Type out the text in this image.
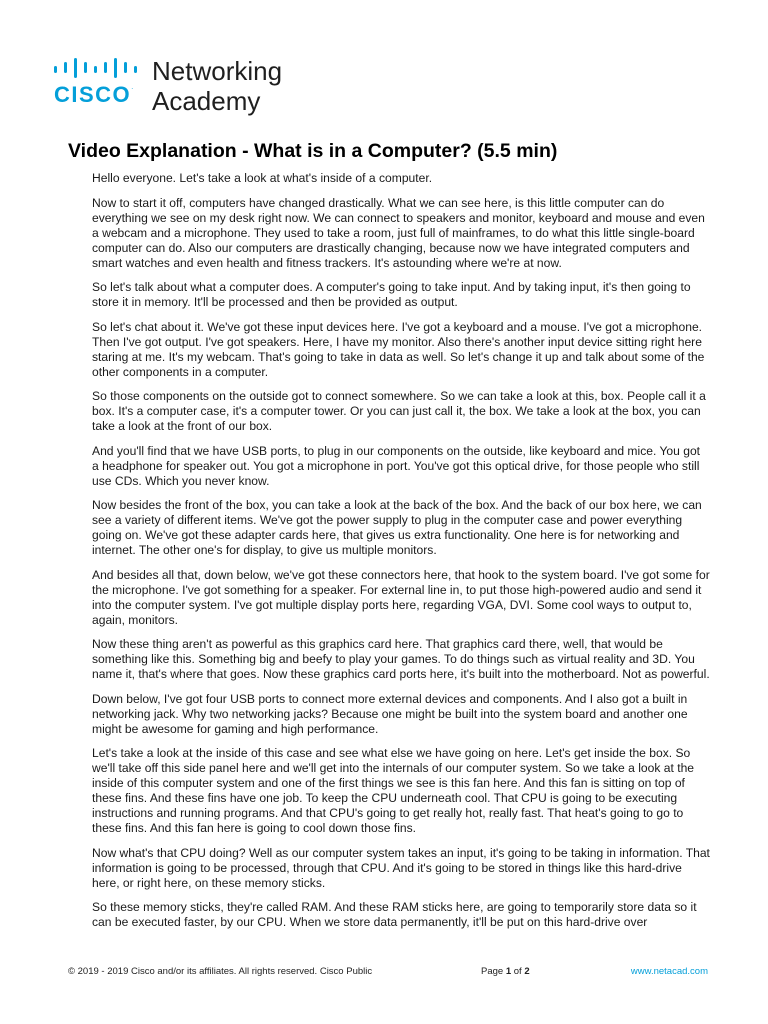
CISCO.
Networking
Academy
Video Explanation - What is in a Computer? (5.5 min)

Hello everyone. Let's take a look at what's inside of a computer.

Now to start it off, computers have changed drastically. What we can see here, is this little computer can do everything we see on my desk right now. We can connect to speakers and monitor, keyboard and mouse and even a webcam and a microphone. They used to take a room, just full of mainframes, to do what this little single-board computer can do. Also our computers are drastically changing, because now we have integrated computers and smart watches and even health and fitness trackers. It's astounding where we're at now.

So let's talk about what a computer does. A computer's going to take input. And by taking input, it's then going to store it in memory. It'll be processed and then be provided as output.

So let's chat about it. We've got these input devices here. I've got a keyboard and a mouse. I've got a microphone. Then I've got output. I've got speakers. Here, I have my monitor. Also there's another input device sitting right here staring at me. It's my webcam. That's going to take in data as well. So let's change it up and talk about some of the other components in a computer.

So those components on the outside got to connect somewhere. So we can take a look at this, box. People call it a box. It's a computer case, it's a computer tower. Or you can just call it, the box. We take a look at the box, you can take a look at the front of our box.

And you'll find that we have USB ports, to plug in our components on the outside, like keyboard and mice. You got a headphone for speaker out. You got a microphone in port. You've got this optical drive, for those people who still use CDs. Which you never know.

Now besides the front of the box, you can take a look at the back of the box. And the back of our box here, we can see a variety of different items. We've got the power supply to plug in the computer case and power everything going on. We've got these adapter cards here, that gives us extra functionality. One here is for networking and internet. The other one's for display, to give us multiple monitors.

And besides all that, down below, we've got these connectors here, that hook to the system board. I've got some for the microphone. I've got something for a speaker. For external line in, to put those high-powered audio and send it into the computer system. I've got multiple display ports here, regarding VGA, DVI. Some cool ways to output to, again, monitors.

Now these thing aren't as powerful as this graphics card here. That graphics card there, well, that would be something like this. Something big and beefy to play your games. To do things such as virtual reality and 3D. You name it, that's where that goes. Now these graphics card ports here, it's built into the motherboard. Not as powerful.

Down below, I've got four USB ports to connect more external devices and components. And I also got a built in networking jack. Why two networking jacks? Because one might be built into the system board and another one might be awesome for gaming and high performance.

Let's take a look at the inside of this case and see what else we have going on here. Let's get inside the box. So we'll take off this side panel here and we'll get into the internals of our computer system. So we take a look at the inside of this computer system and one of the first things we see is this fan here. And this fan is sitting on top of these fins. And these fins have one job. To keep the CPU underneath cool. That CPU is going to be executing instructions and running programs. And that CPU's going to get really hot, really fast. That heat's going to go to these fins. And this fan here is going to cool down those fins.

Now what's that CPU doing? Well as our computer system takes an input, it's going to be taking in information. That information is going to be processed, through that CPU. And it's going to be stored in things like this hard-drive here, or right here, on these memory sticks.

So these memory sticks, they're called RAM. And these RAM sticks here, are going to temporarily store data so it can be executed faster, by our CPU. When we store data permanently, it'll be put on this hard-drive over

© 2019 - 2019 Cisco and/or its affiliates. All rights reserved. Cisco Public	Page 1 of 2	www.netacad.com
